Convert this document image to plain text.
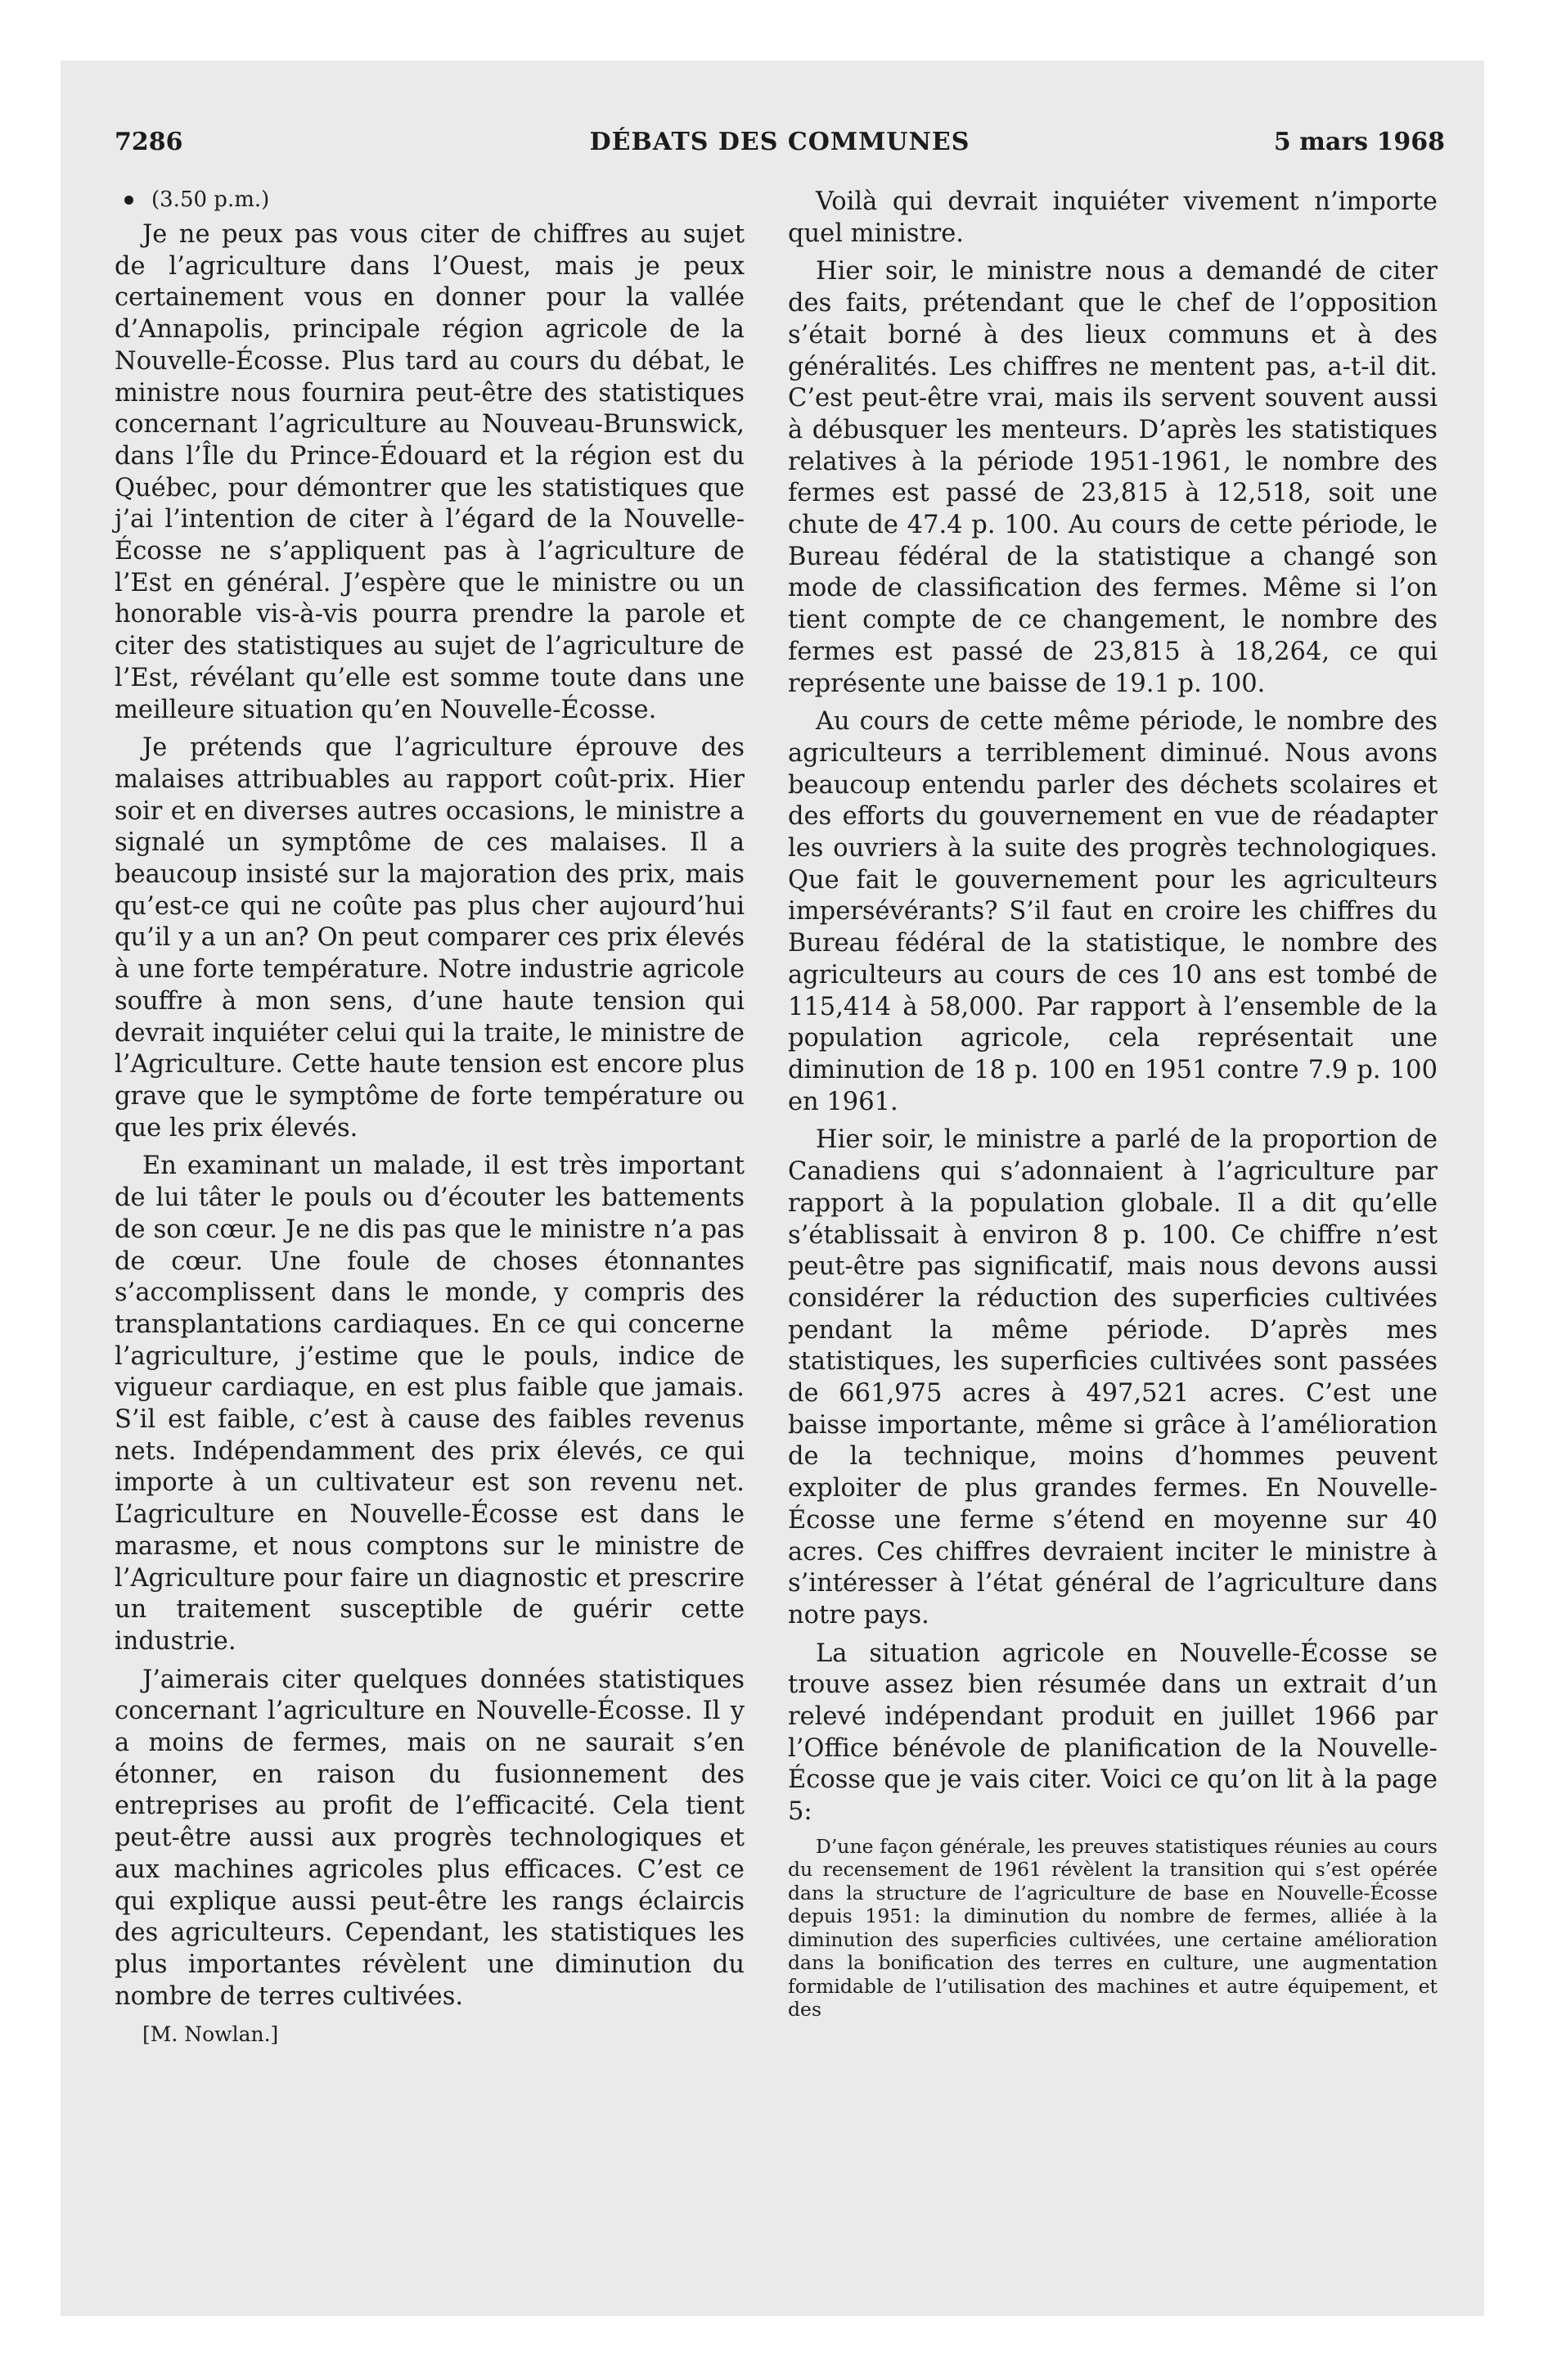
7286	DÉBATS DES COMMUNES	5 mars 1968
(3.50 p.m.)

Je ne peux pas vous citer de chiffres au sujet de l’agriculture dans l’Ouest, mais je peux certainement vous en donner pour la vallée d’Annapolis, principale région agricole de la Nouvelle-Écosse. Plus tard au cours du débat, le ministre nous fournira peut-être des statistiques concernant l’agriculture au Nouveau-Brunswick, dans l’Île du Prince-Édouard et la région est du Québec, pour démontrer que les statistiques que j’ai l’intention de citer à l’égard de la Nouvelle-Écosse ne s’appliquent pas à l’agriculture de l’Est en général. J’espère que le ministre ou un honorable vis-à-vis pourra prendre la parole et citer des statistiques au sujet de l’agriculture de l’Est, révélant qu’elle est somme toute dans une meilleure situation qu’en Nouvelle-Écosse.

Je prétends que l’agriculture éprouve des malaises attribuables au rapport coût-prix. Hier soir et en diverses autres occasions, le ministre a signalé un symptôme de ces malaises. Il a beaucoup insisté sur la majoration des prix, mais qu’est-ce qui ne coûte pas plus cher aujourd’hui qu’il y a un an? On peut comparer ces prix élevés à une forte température. Notre industrie agricole souffre à mon sens, d’une haute tension qui devrait inquiéter celui qui la traite, le ministre de l’Agriculture. Cette haute tension est encore plus grave que le symptôme de forte température ou que les prix élevés.

En examinant un malade, il est très important de lui tâter le pouls ou d’écouter les battements de son cœur. Je ne dis pas que le ministre n’a pas de cœur. Une foule de choses étonnantes s’accomplissent dans le monde, y compris des transplantations cardiaques. En ce qui concerne l’agriculture, j’estime que le pouls, indice de vigueur cardiaque, en est plus faible que jamais. S’il est faible, c’est à cause des faibles revenus nets. Indépendamment des prix élevés, ce qui importe à un cultivateur est son revenu net. L’agriculture en Nouvelle-Écosse est dans le marasme, et nous comptons sur le ministre de l’Agriculture pour faire un diagnostic et prescrire un traitement susceptible de guérir cette industrie.

J’aimerais citer quelques données statistiques concernant l’agriculture en Nouvelle-Écosse. Il y a moins de fermes, mais on ne saurait s’en étonner, en raison du fusionnement des entreprises au profit de l’efficacité. Cela tient peut-être aussi aux progrès technologiques et aux machines agricoles plus efficaces. C’est ce qui explique aussi peut-être les rangs éclaircis des agriculteurs. Cependant, les statistiques les plus importantes révèlent une diminution du nombre de terres cultivées.

[M. Nowlan.]

Voilà qui devrait inquiéter vivement n’importe quel ministre.

Hier soir, le ministre nous a demandé de citer des faits, prétendant que le chef de l’opposition s’était borné à des lieux communs et à des généralités. Les chiffres ne mentent pas, a-t-il dit. C’est peut-être vrai, mais ils servent souvent aussi à débusquer les menteurs. D’après les statistiques relatives à la période 1951-1961, le nombre des fermes est passé de 23,815 à 12,518, soit une chute de 47.4 p. 100. Au cours de cette période, le Bureau fédéral de la statistique a changé son mode de classification des fermes. Même si l’on tient compte de ce changement, le nombre des fermes est passé de 23,815 à 18,264, ce qui représente une baisse de 19.1 p. 100.

Au cours de cette même période, le nombre des agriculteurs a terriblement diminué. Nous avons beaucoup entendu parler des déchets scolaires et des efforts du gouvernement en vue de réadapter les ouvriers à la suite des progrès technologiques. Que fait le gouvernement pour les agriculteurs impersévérants? S’il faut en croire les chiffres du Bureau fédéral de la statistique, le nombre des agriculteurs au cours de ces 10 ans est tombé de 115,414 à 58,000. Par rapport à l’ensemble de la population agricole, cela représentait une diminution de 18 p. 100 en 1951 contre 7.9 p. 100 en 1961.

Hier soir, le ministre a parlé de la proportion de Canadiens qui s’adonnaient à l’agriculture par rapport à la population globale. Il a dit qu’elle s’établissait à environ 8 p. 100. Ce chiffre n’est peut-être pas significatif, mais nous devons aussi considérer la réduction des superficies cultivées pendant la même période. D’après mes statistiques, les superficies cultivées sont passées de 661,975 acres à 497,521 acres. C’est une baisse importante, même si grâce à l’amélioration de la technique, moins d’hommes peuvent exploiter de plus grandes fermes. En Nouvelle-Écosse une ferme s’étend en moyenne sur 40 acres. Ces chiffres devraient inciter le ministre à s’intéresser à l’état général de l’agriculture dans notre pays.

La situation agricole en Nouvelle-Écosse se trouve assez bien résumée dans un extrait d’un relevé indépendant produit en juillet 1966 par l’Office bénévole de planification de la Nouvelle-Écosse que je vais citer. Voici ce qu’on lit à la page 5:

D’une façon générale, les preuves statistiques réunies au cours du recensement de 1961 révèlent la transition qui s’est opérée dans la structure de l’agriculture de base en Nouvelle-Écosse depuis 1951: la diminution du nombre de fermes, alliée à la diminution des superficies cultivées, une certaine amélioration dans la bonification des terres en culture, une augmentation formidable de l’utilisation des machines et autre équipement, et des
